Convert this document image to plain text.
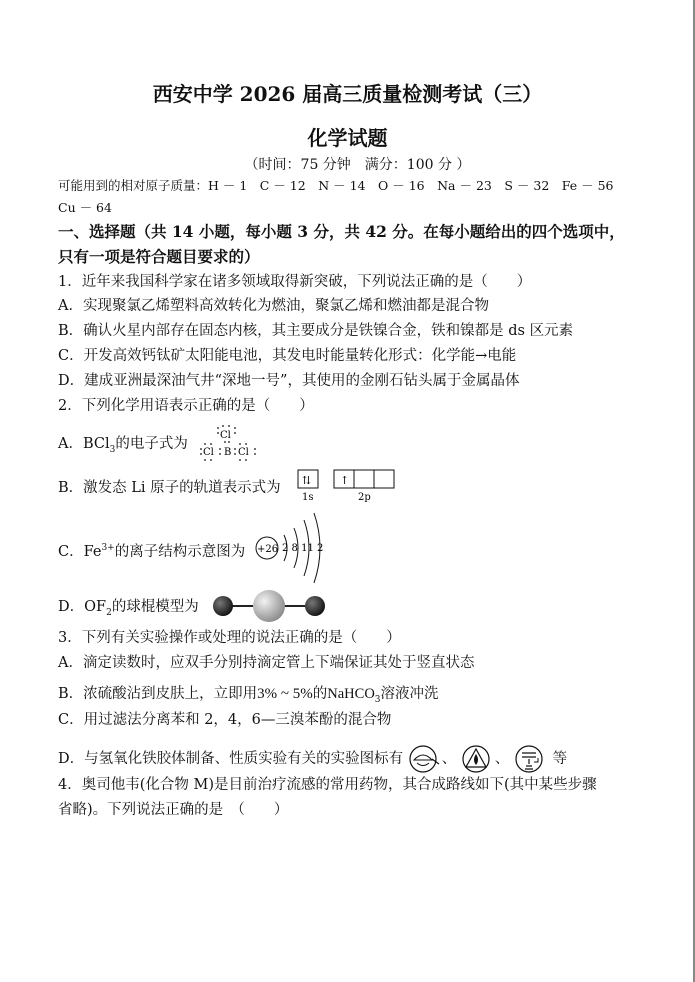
西安中学 2026 届高三质量检测考试（三）
化学试题
（时间：75 分钟　满分：100 分 ）
可能用到的相对原子质量：H － 1　C － 12　N － 14　O － 16　Na － 23　S － 32　Fe － 56
Cu － 64
一、选择题（共 14 小题，每小题 3 分，共 42 分。在每小题给出的四个选项中，
只有一项是符合题目要求的）
1．近年来我国科学家在诸多领域取得新突破，下列说法正确的是（　　）
A．实现聚氯乙烯塑料高效转化为燃油，聚氯乙烯和燃油都是混合物
B．确认火星内部存在固态内核，其主要成分是铁镍合金，铁和镍都是 ds 区元素
C．开发高效钙钛矿太阳能电池，其发电时能量转化形式：化学能→电能
D．建成亚洲最深油气井“深地一号”，其使用的金刚石钻头属于金属晶体
2．下列化学用语表示正确的是（　　）
A．BCl$_3$的电子式为
Cl
Cl B Cl
B．激发态 Li 原子的轨道表示式为 ⇅	↑
1s	2p
C．$Fe^{3+}$的离子结构示意图为 +26 2 8 11 2
D．$OF_2$的球棍模型为
3．下列有关实验操作或处理的说法正确的是（　　）
A．滴定读数时，应双手分别持滴定管上下端保证其处于竖直状态
B．浓硫酸沾到皮肤上，立即用3% ~ 5%的NaHCO$_3$溶液冲洗
C．用过滤法分离苯和 2，4，6—三溴苯酚的混合物
D．与氢氧化铁胶体制备、性质实验有关的实验图标有	、	、	等
4．奥司他韦(化合物 M)是目前治疗流感的常用药物，其合成路线如下(其中某些步骤
省略)。下列说法正确的是　（　　）
